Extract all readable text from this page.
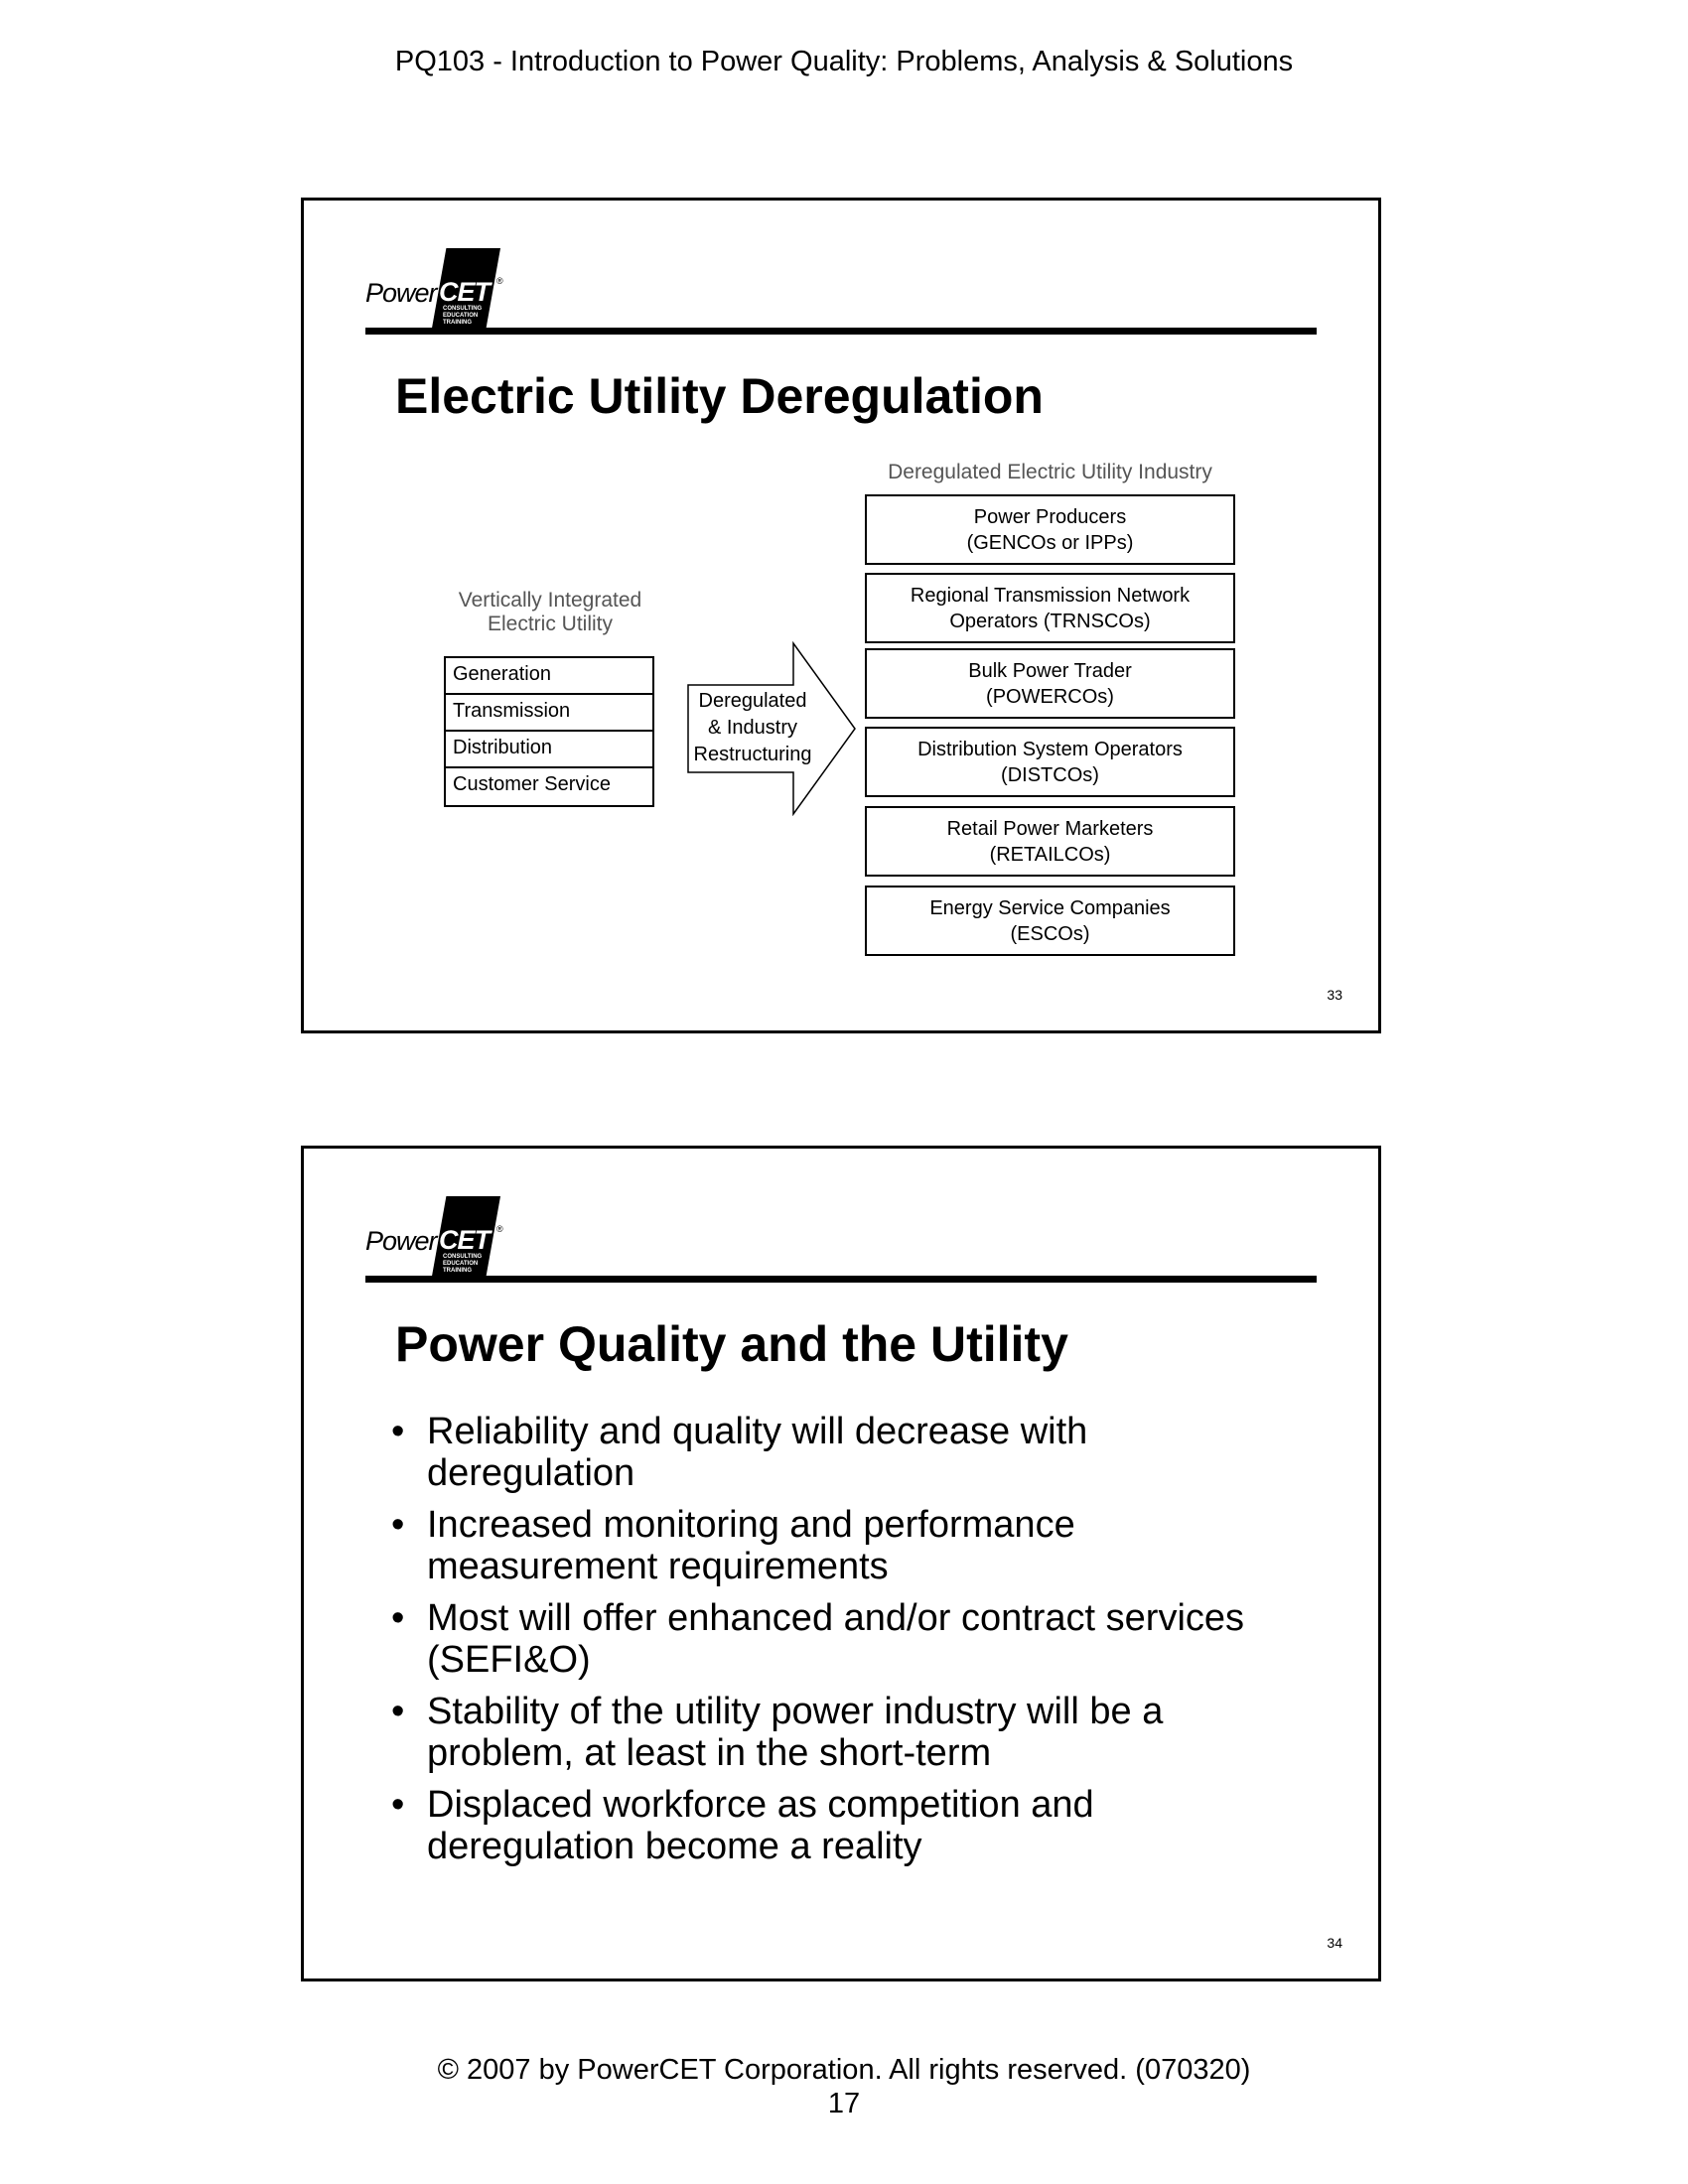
PQ103 - Introduction to Power Quality: Problems, Analysis & Solutions
Power CET ®
CONSULTING
EDUCATION
TRAINING
Electric Utility Deregulation
Vertically Integrated
Electric Utility
Generation
Transmission
Distribution
Customer Service
Deregulated
& Industry
Restructuring
Deregulated Electric Utility Industry
Power Producers
(GENCOs or IPPs)
Regional Transmission Network
Operators (TRNSCOs)
Bulk Power Trader
(POWERCOs)
Distribution System Operators
(DISTCOs)
Retail Power Marketers
(RETAILCOs)
Energy Service Companies
(ESCOs)
33
Power CET ®
CONSULTING
EDUCATION
TRAINING
Power Quality and the Utility
• Reliability and quality will decrease with
deregulation
• Increased monitoring and performance
measurement requirements
• Most will offer enhanced and/or contract services
(SEFI&O)
• Stability of the utility power industry will be a
problem, at least in the short-term
• Displaced workforce as competition and
deregulation become a reality
34
© 2007 by PowerCET Corporation. All rights reserved. (070320)
17
